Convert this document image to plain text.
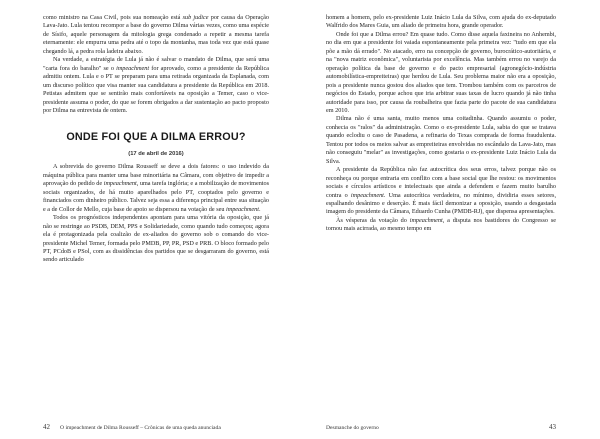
como ministro na Casa Civil, pois sua nomeação está sub judice por causa da Operação Lava-Jato. Lula tentou recompor a base do governo Dilma várias vezes, como uma espécie de Sísifo, aquele personagem da mitologia grega condenado a repetir a mesma tarefa eternamente: ele empurra uma pedra até o topo da montanha, mas toda vez que está quase chegando lá, a pedra rola ladeira abaixo.

Na verdade, a estratégia de Lula já não é salvar o mandato de Dilma, que será uma "carta fora do baralho" se o impeachment for aprovado, como a presidente da República admitiu ontem. Lula e o PT se preparam para uma retirada organizada da Esplanada, com um discurso político que visa manter sua candidatura a presidente da República em 2018. Petistas admitem que se sentirão mais confortáveis na oposição a Temer, caso o vice-presidente assuma o poder, do que se forem obrigados a dar sustentação ao pacto proposto por Dilma na entrevista de ontem.

ONDE FOI QUE A DILMA ERROU?
(17 de abril de 2016)

A sobrevida do governo Dilma Rousseff se deve a dois fatores: o uso indevido da máquina pública para manter uma base minoritária na Câmara, com objetivo de impedir a aprovação do pedido de impeachment, uma tarefa inglória; e a mobilização de movimentos sociais organizados, de há muito aparelhados pelo PT, cooptados pelo governo e financiados com dinheiro público. Talvez seja essa a diferença principal entre sua situação e a de Collor de Mello, cuja base de apoio se dispersou na votação de seu impeachment.

Todos os prognósticos independentes apontam para uma vitória da oposição, que já não se restringe ao PSDB, DEM, PPS e Solidariedade, como quando tudo começou; agora ela é protagonizada pela coalizão de ex-aliados do governo sob o comando do vice-presidente Michel Temer, formada pelo PMDB, PP, PR, PSD e PRB. O bloco formado pelo PT, PCdoB e PSol, com as dissidências dos partidos que se desgarraram do governo, está sendo articulado

42 O impeachment de Dilma Rousseff – Crônicas de uma queda anunciada

homem a homem, pelo ex-presidente Luiz Inácio Lula da Silva, com ajuda do ex-deputado Walfrido dos Mares Guia, um aliado de primeira hora, grande operador.

Onde foi que a Dilma errou? Em quase tudo. Como disse aquela faxineira no Anhembi, no dia em que a presidente foi vaiada espontaneamente pela primeira vez: "tudo em que ela põe a mão dá errado". No atacado, erro na concepção de governo, burocrático-autoritária, e na "nova matriz econômica", voluntarista por excelência. Mas também errou no varejo da operação política da base de governo e do pacto empresarial (agronegócio-indústria automobilística-empreiteiras) que herdou de Lula. Seu problema maior não era a oposição, pois a presidente nunca gostou dos aliados que tem. Trombou também com os parceiros de negócios do Estado, porque achou que iria arbitrar suas taxas de lucro quando já não tinha autoridade para isso, por causa da roubalheira que fazia parte do pacote de sua candidatura em 2010.

Dilma não é uma santa, muito menos uma coitadinha. Quando assumiu o poder, conhecia os "ralos" da administração. Como o ex-presidente Lula, sabia do que se tratava quando eclodiu o caso de Pasadena, a refinaria do Texas comprada de forma fraudulenta. Tentou por todos os meios salvar as empreiteiras envolvidas no escândalo da Lava-Jato, mas não conseguiu "melar" as investigações, como gostaria o ex-presidente Luiz Inácio Lula da Silva.

A presidente da República não faz autocrítica dos seus erros, talvez porque não os reconheça ou porque entraria em conflito com a base social que lhe restou: os movimentos sociais e círculos artísticos e intelectuais que ainda a defendem e fazem muito barulho contra o impeachment. Uma autocrítica verdadeira, no mínimo, dividiria esses setores, espalhando desânimo e deserção. É mais fácil demonizar a oposição, usando a desgastada imagem do presidente da Câmara, Eduardo Cunha (PMDB-RJ), que dispensa apresentações.

Às vésperas da votação do impeachment, a disputa nos bastidores do Congresso se tornou mais acirrada, ao mesmo tempo em

Desmanche do governo	43
